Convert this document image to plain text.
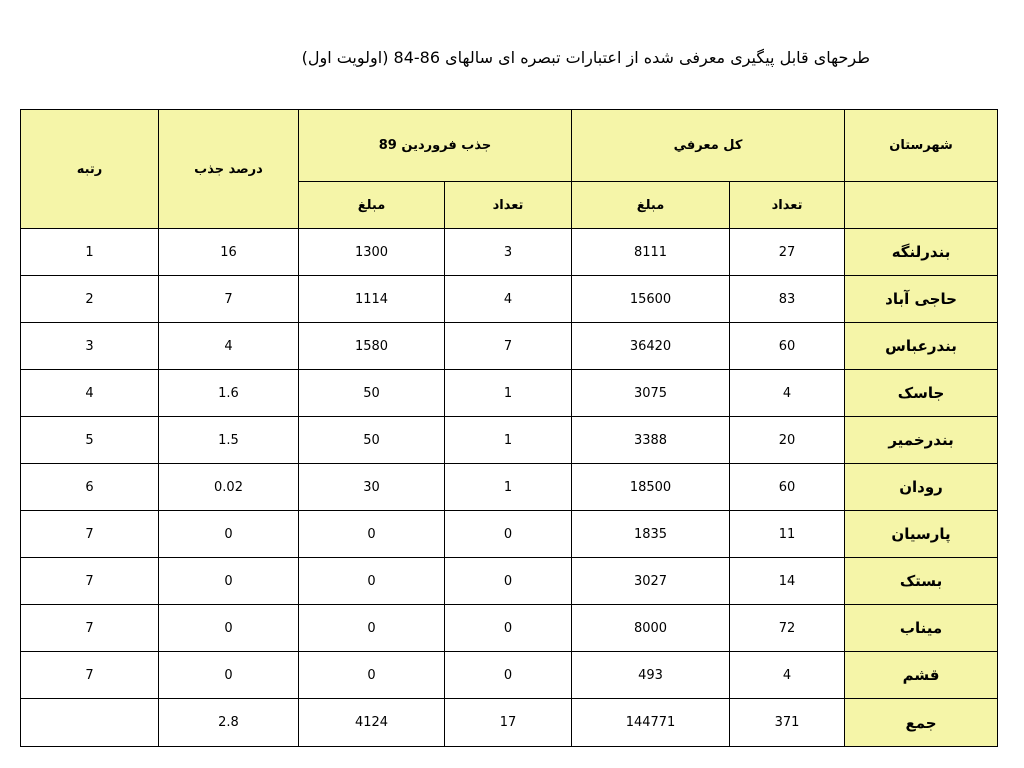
طرحهای قابل پیگیری معرفی شده از اعتبارات تبصره ای سالهای 86-84 (اولویت اول)
شهرستان	کل معرفي		جذب فروردین 89		درصد جذب	رتبه
	تعداد	مبلغ	تعداد	مبلغ		
بندرلنگه	27	8111	3	1300	16	1
حاجی آباد	83	15600	4	1114	7	2
بندرعباس	60	36420	7	1580	4	3
جاسک	4	3075	1	50	1.6	4
بندرخمیر	20	3388	1	50	1.5	5
رودان	60	18500	1	30	0.02	6
پارسیان	11	1835	0	0	0	7
بستک	14	3027	0	0	0	7
میناب	72	8000	0	0	0	7
قشم	4	493	0	0	0	7
جمع	371	144771	17	4124	2.8	
